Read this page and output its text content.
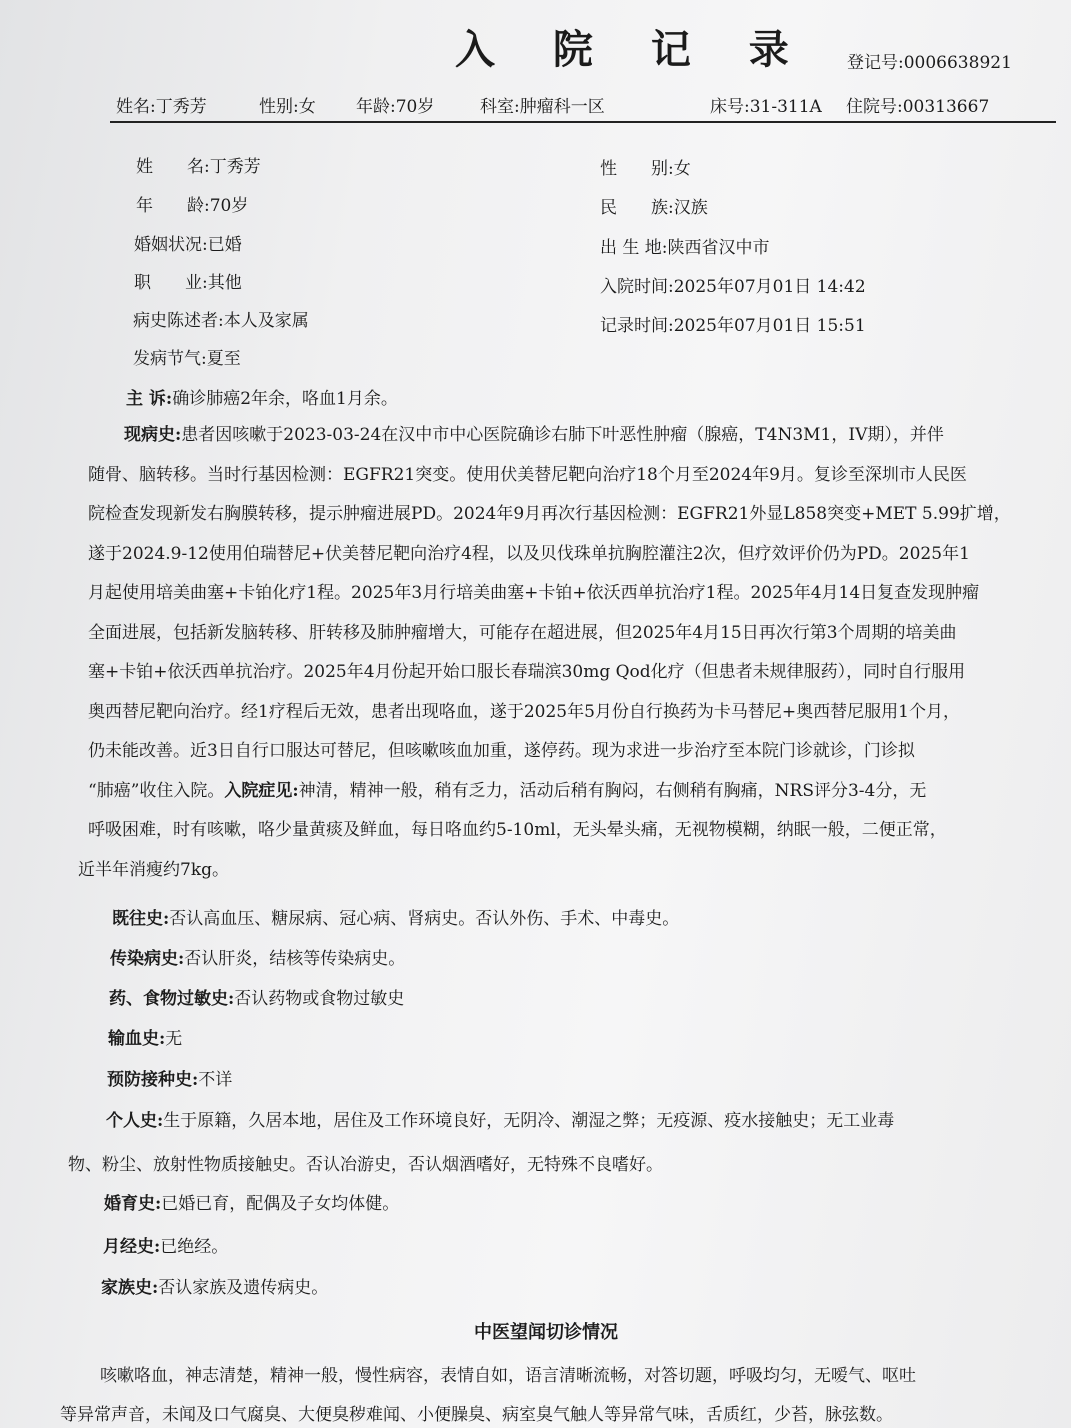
入 院 记 录 登记号:0006638921
姓名:丁秀芳	性别:女 年龄:70岁	科室:肿瘤科一区	床号:31-311A 住院号:00313667
姓　　名:丁秀芳
年　　龄:70岁
婚姻状况:已婚
职　　业:其他
病史陈述者:本人及家属
发病节气:夏至
性　　别:女
民　　族:汉族
出 生 地:陕西省汉中市
入院时间:2025年07月01日 14:42
记录时间:2025年07月01日 15:51
主 诉:确诊肺癌2年余，咯血1月余。
现病史:患者因咳嗽于2023-03-24在汉中市中心医院确诊右肺下叶恶性肿瘤（腺癌，T4N3M1，IV期），并伴
随骨、脑转移。当时行基因检测：EGFR21突变。使用伏美替尼靶向治疗18个月至2024年9月。复诊至深圳市人民医
院检查发现新发右胸膜转移，提示肿瘤进展PD。2024年9月再次行基因检测：EGFR21外显L858突变+MET 5.99扩增，
遂于2024.9-12使用伯瑞替尼+伏美替尼靶向治疗4程，以及贝伐珠单抗胸腔灌注2次，但疗效评价仍为PD。2025年1
月起使用培美曲塞+卡铂化疗1程。2025年3月行培美曲塞+卡铂+依沃西单抗治疗1程。2025年4月14日复查发现肿瘤
全面进展，包括新发脑转移、肝转移及肺肿瘤增大，可能存在超进展，但2025年4月15日再次行第3个周期的培美曲
塞+卡铂+依沃西单抗治疗。2025年4月份起开始口服长春瑞滨30mg Qod化疗（但患者未规律服药），同时自行服用
奥西替尼靶向治疗。经1疗程后无效，患者出现咯血，遂于2025年5月份自行换药为卡马替尼+奥西替尼服用1个月，
仍未能改善。近3日自行口服达可替尼，但咳嗽咳血加重，遂停药。现为求进一步治疗至本院门诊就诊，门诊拟
“肺癌”收住入院。入院症见:神清，精神一般，稍有乏力，活动后稍有胸闷，右侧稍有胸痛，NRS评分3-4分，无
呼吸困难，时有咳嗽，咯少量黄痰及鲜血，每日咯血约5-10ml，无头晕头痛，无视物模糊，纳眠一般，二便正常，
近半年消瘦约7kg。
既往史:否认高血压、糖尿病、冠心病、肾病史。否认外伤、手术、中毒史。
传染病史:否认肝炎，结核等传染病史。
药、食物过敏史:否认药物或食物过敏史
输血史:无
预防接种史:不详
个人史:生于原籍，久居本地，居住及工作环境良好，无阴冷、潮湿之弊；无疫源、疫水接触史；无工业毒
物、粉尘、放射性物质接触史。否认冶游史，否认烟酒嗜好，无特殊不良嗜好。
婚育史:已婚已育，配偶及子女均体健。
月经史:已绝经。
家族史:否认家族及遗传病史。
中医望闻切诊情况
咳嗽咯血，神志清楚，精神一般，慢性病容，表情自如，语言清晰流畅，对答切题，呼吸均匀，无嗳气、呕吐
等异常声音，未闻及口气腐臭、大便臭秽难闻、小便臊臭、病室臭气触人等异常气味，舌质红，少苔，脉弦数。
